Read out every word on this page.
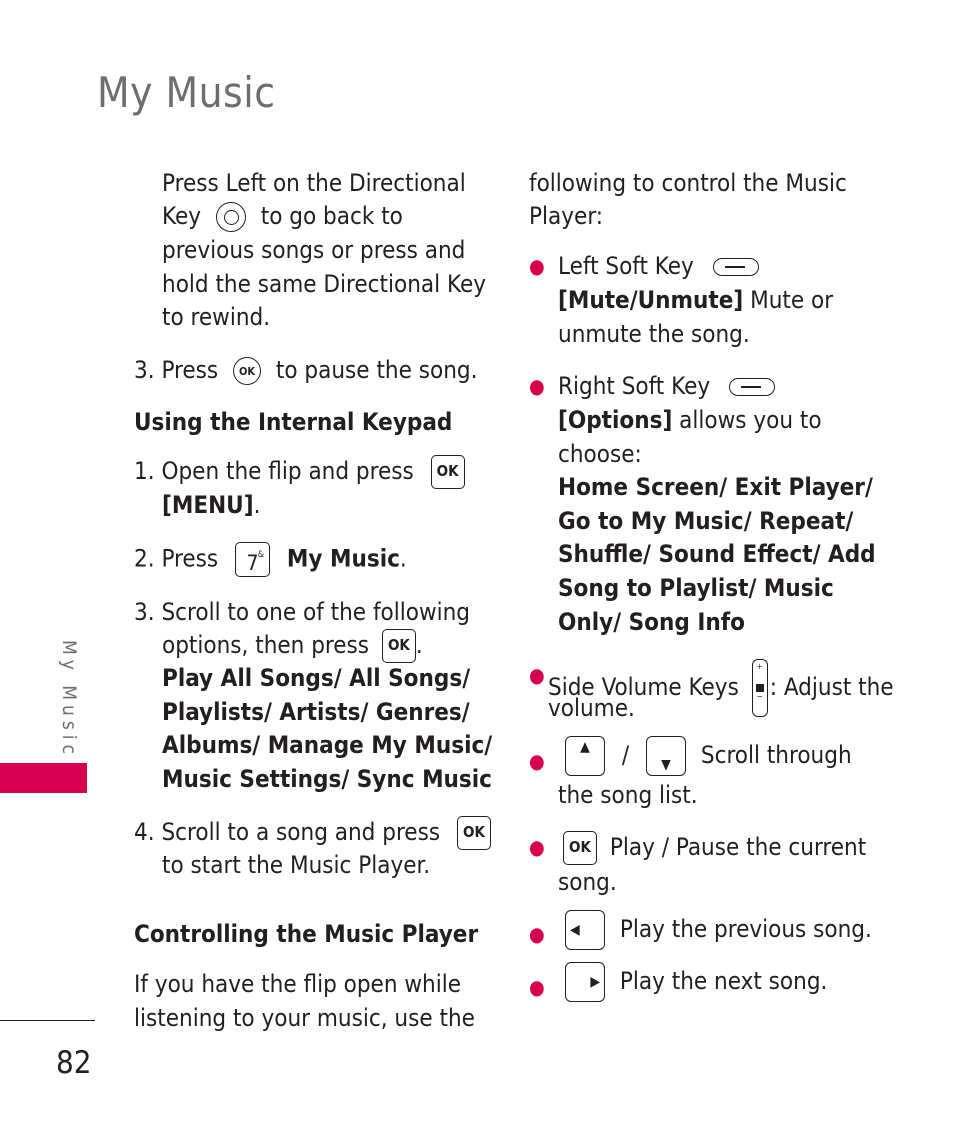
My Music
My Music
82
Press Left on the Directional
Key to go back to
previous songs or press and
hold the same Directional Key
to rewind.
3. Press OK to pause the song.
Using the Internal Keypad
1. Open the flip and press OK
[MENU].
2. Press 7 & My Music.
3. Scroll to one of the following
options, then press OK .
Play All Songs/ All Songs/
Playlists/ Artists/ Genres/
Albums/ Manage My Music/
Music Settings/ Sync Music
4. Scroll to a song and press OK
to start the Music Player.
Controlling the Music Player
If you have the flip open while
listening to your music, use the
following to control the Music
Player:
● Left Soft Key
[Mute/Unmute] Mute or
unmute the song.
● Right Soft Key
[Options] allows you to
choose:
Home Screen/ Exit Player/
Go to My Music/ Repeat/
Shuffle/ Sound Effect/ Add
Song to Playlist/ Music
Only/ Song Info
● Side Volume Keys
+
− : Adjust the
volume.
●
▲ / ▼ Scroll through
the song list.
●	OK Play / Pause the current
song.
●	◀ Play the previous song.
●	▶ Play the next song.
